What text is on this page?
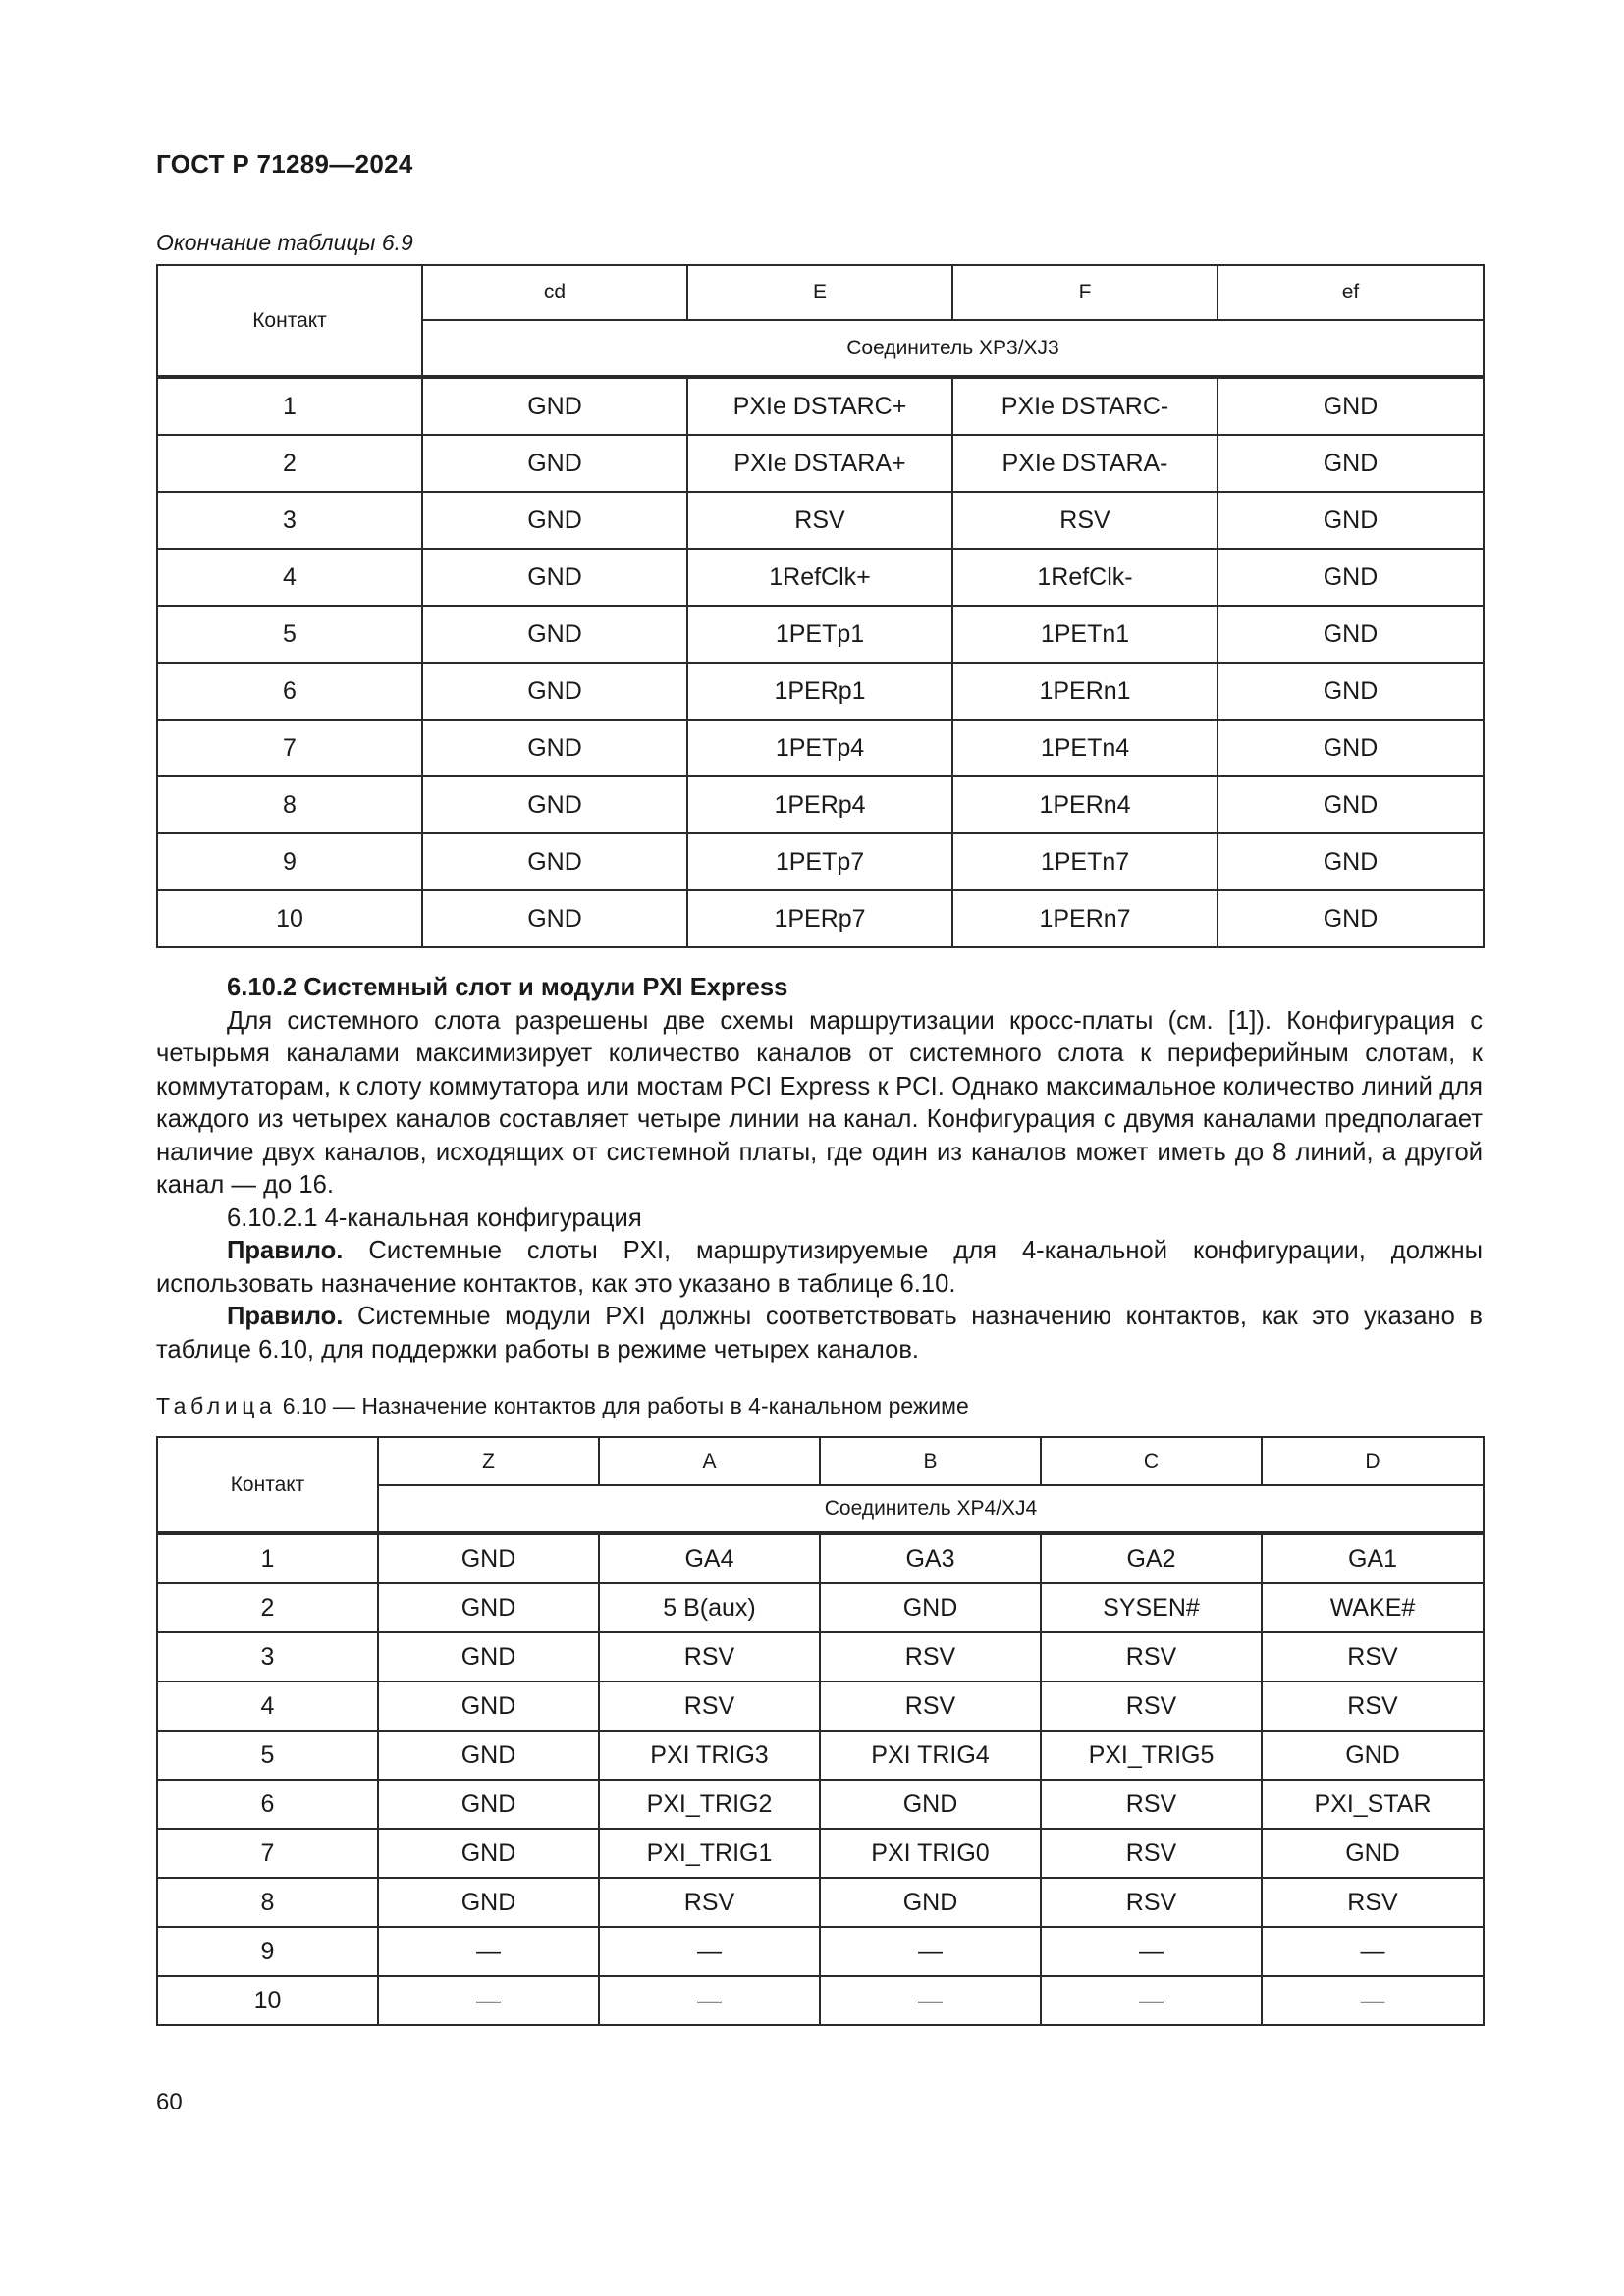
ГОСТ Р 71289—2024
Окончание таблицы 6.9
Контакт	cd	E	F	ef
	Соединитель XP3/XJ3			
1	GND	PXIe DSTARC+	PXIe DSTARC-	GND
2	GND	PXIe DSTARA+	PXIe DSTARA-	GND
3	GND	RSV	RSV	GND
4	GND	1RefClk+	1RefClk-	GND
5	GND	1PETp1	1PETn1	GND
6	GND	1PERp1	1PERn1	GND
7	GND	1PETp4	1PETn4	GND
8	GND	1PERp4	1PERn4	GND
9	GND	1PETp7	1PETn7	GND
10	GND	1PERp7	1PERn7	GND

6.10.2 Системный слот и модули PXI Express

Для системного слота разрешены две схемы маршрутизации кросс-платы (см. [1]). Конфигурация с четырьмя каналами максимизирует количество каналов от системного слота к периферийным слотам, к коммутаторам, к слоту коммутатора или мостам PCI Express к PCI. Однако максимальное количество линий для каждого из четырех каналов составляет четыре линии на канал. Конфигурация с двумя каналами предполагает наличие двух каналов, исходящих от системной платы, где один из каналов может иметь до 8 линий, а другой канал — до 16.

6.10.2.1 4-канальная конфигурация

Правило. Системные слоты PXI, маршрутизируемые для 4-канальной конфигурации, должны использовать назначение контактов, как это указано в таблице 6.10.

Правило. Системные модули PXI должны соответствовать назначению контактов, как это указано в таблице 6.10, для поддержки работы в режиме четырех каналов.

Таблица 6.10 — Назначение контактов для работы в 4-канальном режиме
Контакт	Z	A	B	C	D
	Соединитель XP4/XJ4				
1	GND	GA4	GA3	GA2	GA1
2	GND	5 В(aux)	GND	SYSEN#	WAKE#
3	GND	RSV	RSV	RSV	RSV
4	GND	RSV	RSV	RSV	RSV
5	GND	PXI TRIG3	PXI TRIG4	PXI_TRIG5	GND
6	GND	PXI_TRIG2	GND	RSV	PXI_STAR
7	GND	PXI_TRIG1	PXI TRIG0	RSV	GND
8	GND	RSV	GND	RSV	RSV
9	—	—	—	—	—
10	—	—	—	—	—
60
